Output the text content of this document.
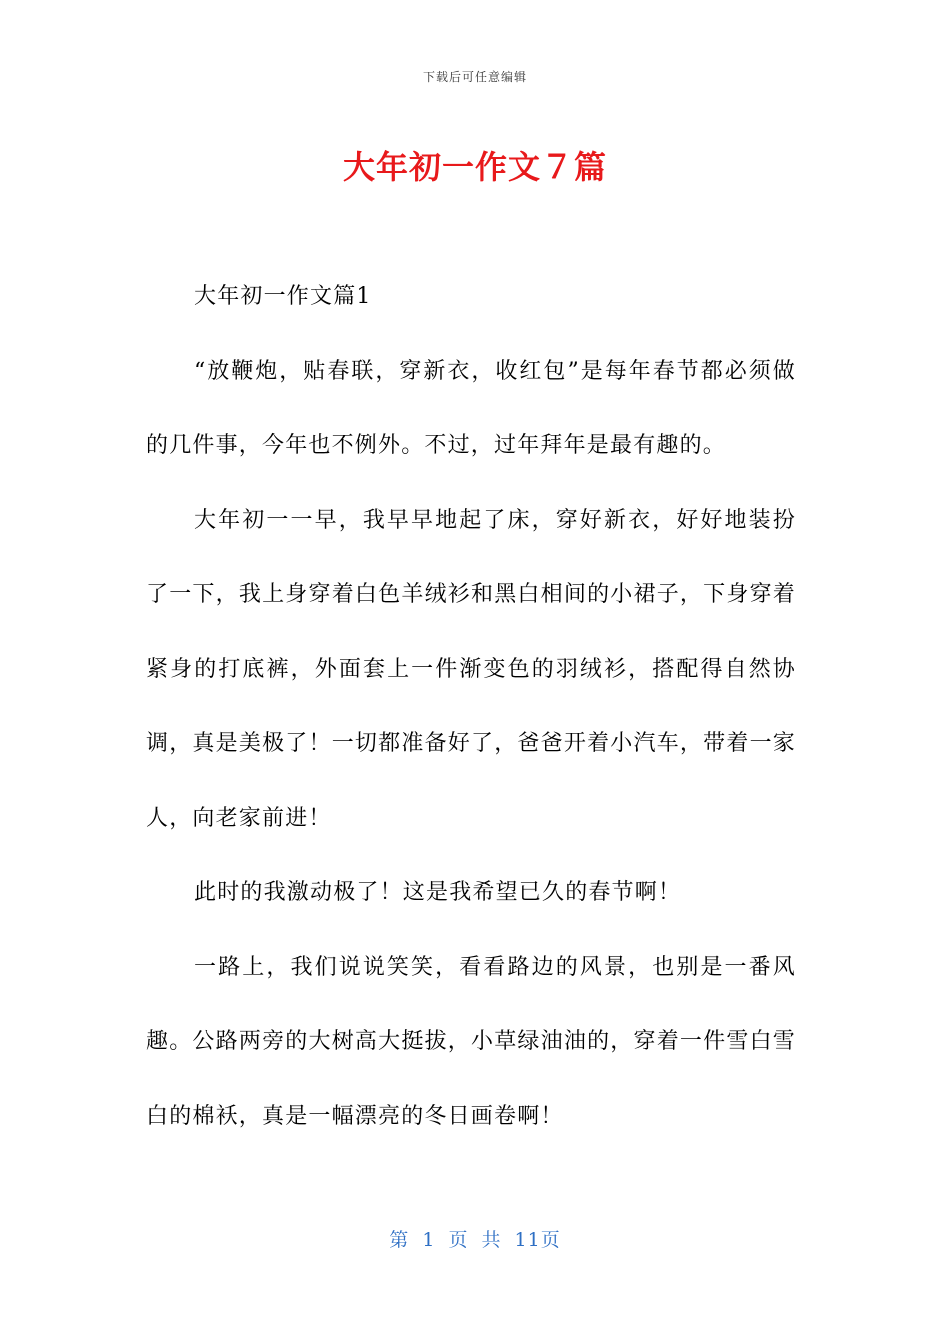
下载后可任意编辑
大年初一作文７篇

大年初一作文篇1

“放鞭炮，贴春联，穿新衣，收红包”是每年春节都必须做的几件事，今年也不例外。不过，过年拜年是最有趣的。

大年初一一早，我早早地起了床，穿好新衣，好好地装扮了一下，我上身穿着白色羊绒衫和黑白相间的小裙子，下身穿着紧身的打底裤，外面套上一件渐变色的羽绒衫，搭配得自然协调，真是美极了！一切都准备好了，爸爸开着小汽车，带着一家人，向老家前进！

此时的我激动极了！这是我希望已久的春节啊！

一路上，我们说说笑笑，看看路边的风景，也别是一番风趣。公路两旁的大树高大挺拔，小草绿油油的，穿着一件雪白雪白的棉袄，真是一幅漂亮的冬日画卷啊！

第 1 页 共 11页
